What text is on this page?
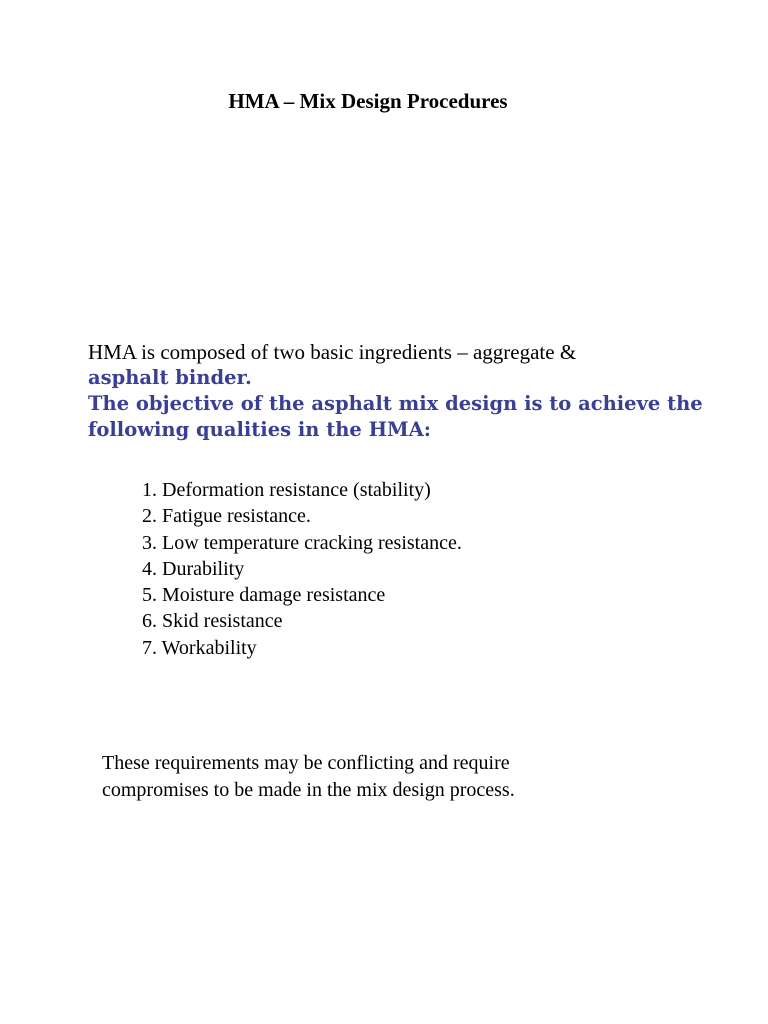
HMA – Mix Design Procedures
HMA is composed of two basic ingredients – aggregate &
asphalt binder.
The objective of the asphalt mix design is to achieve the
following qualities in the HMA:
1. Deformation resistance (stability)
2. Fatigue resistance.
3. Low temperature cracking resistance.
4. Durability
5. Moisture damage resistance
6. Skid resistance
7. Workability
These requirements may be conflicting and require
compromises to be made in the mix design process.
